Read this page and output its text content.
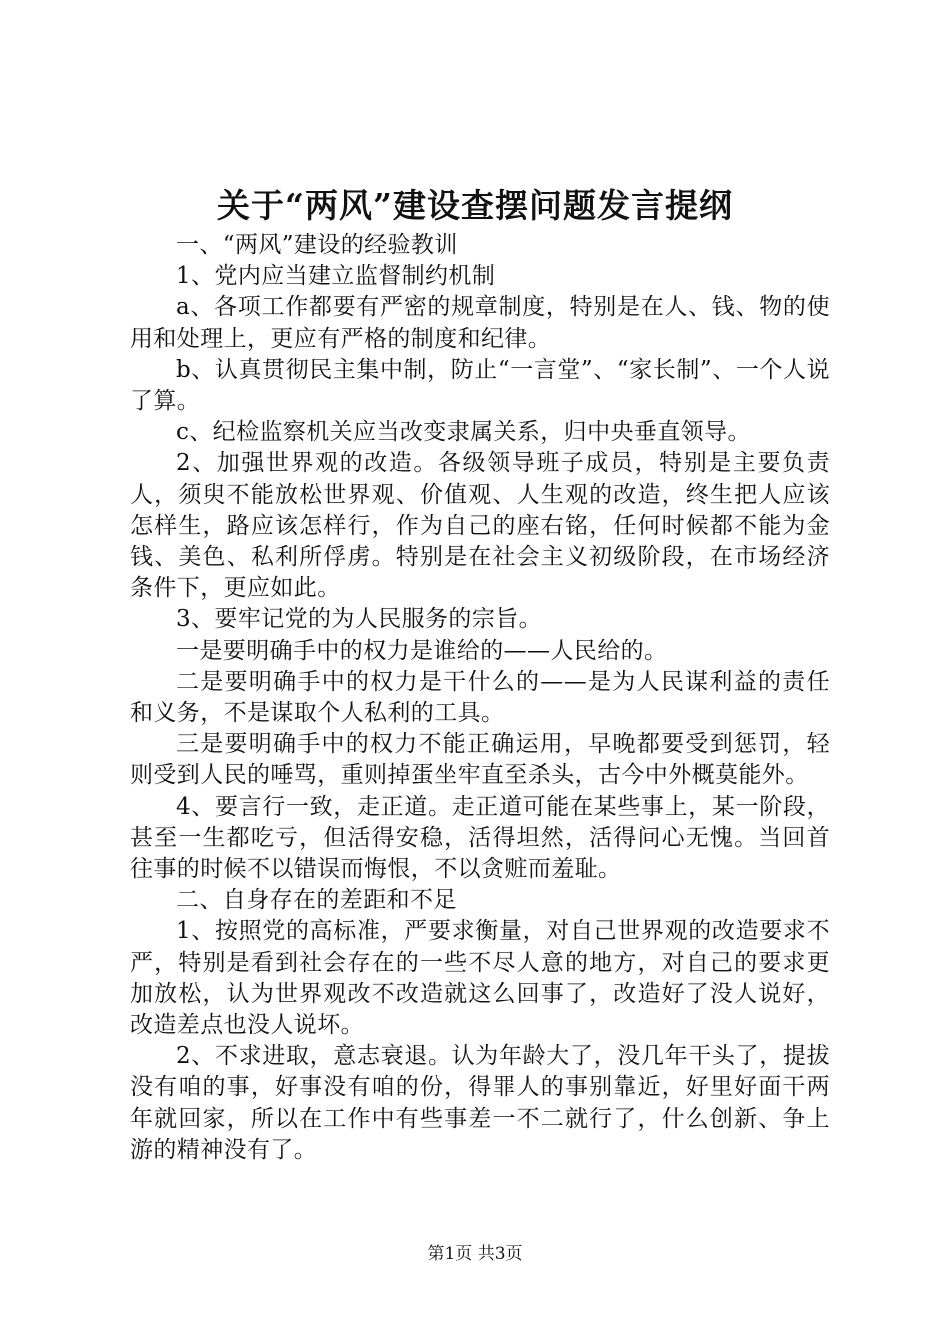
关于“两风”建设查摆问题发言提纲

一、“两风”建设的经验教训

1、党内应当建立监督制约机制

a、各项工作都要有严密的规章制度，特别是在人、钱、物的使用和处理上，更应有严格的制度和纪律。

b、认真贯彻民主集中制，防止“一言堂”、“家长制”、一个人说了算。

c、纪检监察机关应当改变隶属关系，归中央垂直领导。

2、加强世界观的改造。各级领导班子成员，特别是主要负责人，须臾不能放松世界观、价值观、人生观的改造，终生把人应该怎样生，路应该怎样行，作为自己的座右铭，任何时候都不能为金钱、美色、私利所俘虏。特别是在社会主义初级阶段，在市场经济条件下，更应如此。

3、要牢记党的为人民服务的宗旨。

一是要明确手中的权力是谁给的——人民给的。

二是要明确手中的权力是干什么的——是为人民谋利益的责任和义务，不是谋取个人私利的工具。

三是要明确手中的权力不能正确运用，早晚都要受到惩罚，轻则受到人民的唾骂，重则掉蛋坐牢直至杀头，古今中外概莫能外。

4、要言行一致，走正道。走正道可能在某些事上，某一阶段，甚至一生都吃亏，但活得安稳，活得坦然，活得问心无愧。当回首往事的时候不以错误而悔恨，不以贪赃而羞耻。

二、自身存在的差距和不足

1、按照党的高标准，严要求衡量，对自己世界观的改造要求不严，特别是看到社会存在的一些不尽人意的地方，对自己的要求更加放松，认为世界观改不改造就这么回事了，改造好了没人说好，改造差点也没人说坏。

2、不求进取，意志衰退。认为年龄大了，没几年干头了，提拔没有咱的事，好事没有咱的份，得罪人的事别靠近，好里好面干两年就回家，所以在工作中有些事差一不二就行了，什么创新、争上游的精神没有了。

第1页 共3页
